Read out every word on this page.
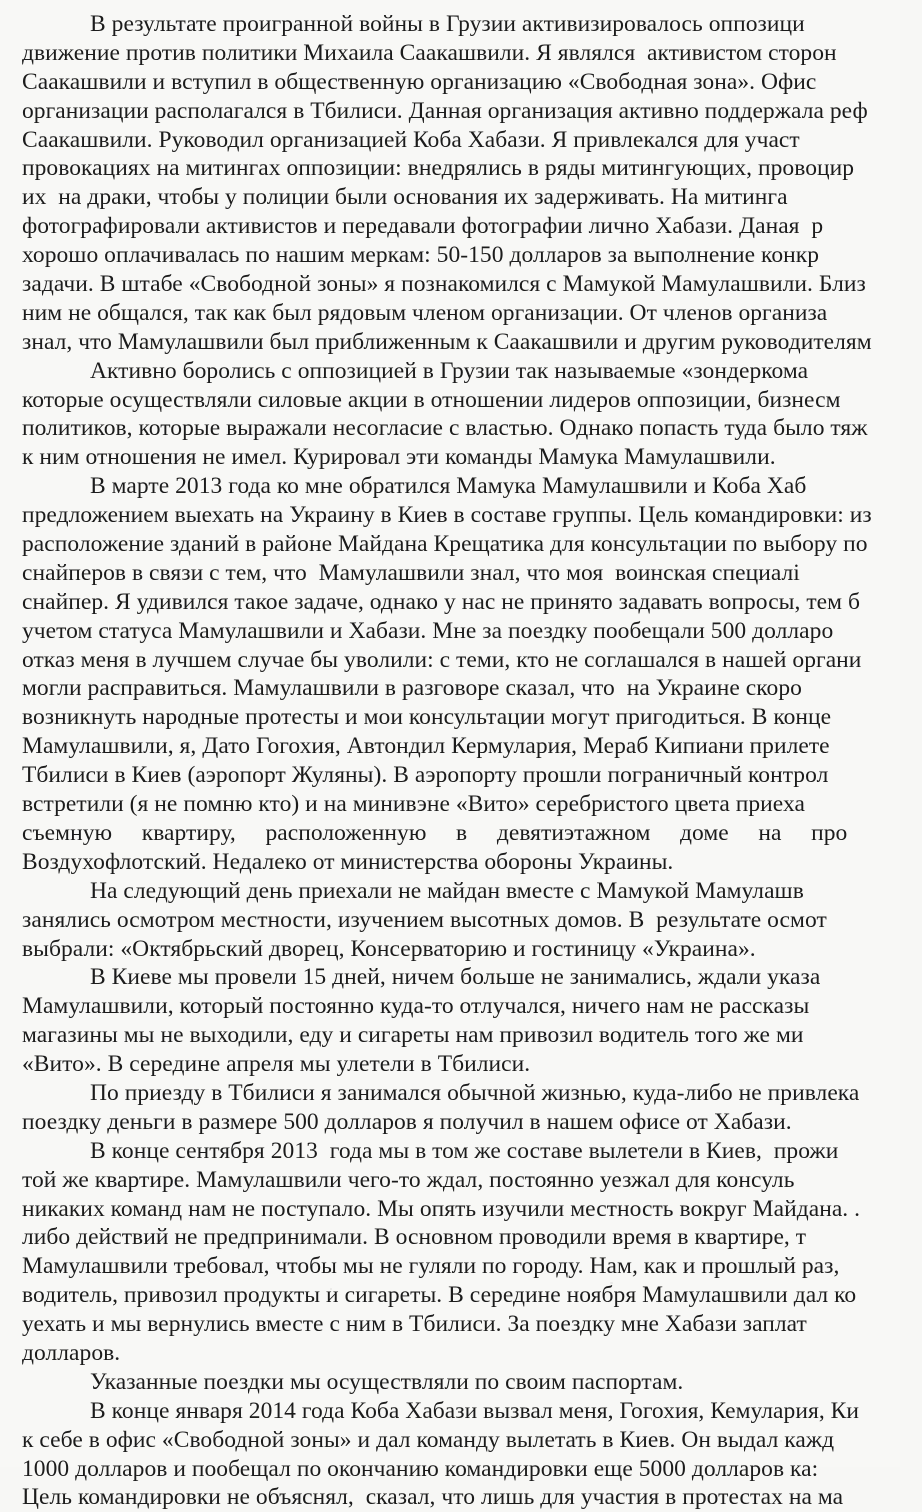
В результате проигранной войны в Грузии активизировалось оппозици
движение против политики Михаила Саакашвили. Я являлся  активистом сторон
Саакашвили и вступил в общественную организацию «Свободная зона». Офис
организации располагался в Тбилиси. Данная организация активно поддержала реф
Саакашвили. Руководил организацией Коба Хабази. Я привлекался для участ
провокациях на митингах оппозиции: внедрялись в ряды митингующих, провоцир
их  на драки, чтобы у полиции были основания их задерживать. На митинга
фотографировали активистов и передавали фотографии лично Хабази. Даная  р
хорошо оплачивалась по нашим меркам: 50-150 долларов за выполнение конкр
задачи. В штабе «Свободной зоны» я познакомился с Мамукой Мамулашвили. Близ
ним не общался, так как был рядовым членом организации. От членов организа
знал, что Мамулашвили был приближенным к Саакашвили и другим руководителям
Активно боролись с оппозицией в Грузии так называемые «зондеркома
которые осуществляли силовые акции в отношении лидеров оппозиции, бизнесм
политиков, которые выражали несогласие с властью. Однако попасть туда было тяж
к ним отношения не имел. Курировал эти команды Мамука Мамулашвили.
В марте 2013 года ко мне обратился Мамука Мамулашвили и Коба Хаб
предложением выехать на Украину в Киев в составе группы. Цель командировки: из
расположение зданий в районе Майдана Крещатика для консультации по выбору по
снайперов в связи с тем, что  Мамулашвили знал, что моя  воинская специалі
снайпер. Я удивился такое задаче, однако у нас не принято задавать вопросы, тем б
учетом статуса Мамулашвили и Хабази. Мне за поездку пообещали 500 долларо
отказ меня в лучшем случае бы уволили: с теми, кто не соглашался в нашей органи
могли расправиться. Мамулашвили в разговоре сказал, что  на Украине скоро
возникнуть народные протесты и мои консультации могут пригодиться. В конце
Мамулашвили, я, Дато Гогохия, Автондил Кермулария, Мераб Кипиани прилете
Тбилиси в Киев (аэропорт Жуляны). В аэропорту прошли пограничный контрол
встретили (я не помню кто) и на минивэне «Вито» серебристого цвета приеха
съемную     квартиру,     расположенную     в     девятиэтажном     доме     на     про
Воздухофлотский. Недалеко от министерства обороны Украины.
На следующий день приехали не майдан вместе с Мамукой Мамулашв
занялись осмотром местности, изучением высотных домов. В  результате осмот
выбрали: «Октябрьский дворец, Консерваторию и гостиницу «Украина».
В Киеве мы провели 15 дней, ничем больше не занимались, ждали указа
Мамулашвили, который постоянно куда-то отлучался, ничего нам не рассказы
магазины мы не выходили, еду и сигареты нам привозил водитель того же ми
«Вито». В середине апреля мы улетели в Тбилиси.
По приезду в Тбилиси я занимался обычной жизнью, куда-либо не привлека
поездку деньги в размере 500 долларов я получил в нашем офисе от Хабази.
В конце сентября 2013  года мы в том же составе вылетели в Киев,  прожи
той же квартире. Мамулашвили чего-то ждал, постоянно уезжал для консуль
никаких команд нам не поступало. Мы опять изучили местность вокруг Майдана. .
либо действий не предпринимали. В основном проводили время в квартире, т
Мамулашвили требовал, чтобы мы не гуляли по городу. Нам, как и прошлый раз,
водитель, привозил продукты и сигареты. В середине ноября Мамулашвили дал ко
уехать и мы вернулись вместе с ним в Тбилиси. За поездку мне Хабази заплат
долларов.
Указанные поездки мы осуществляли по своим паспортам.
В конце января 2014 года Коба Хабази вызвал меня, Гогохия, Кемулария, Ки
к себе в офис «Свободной зоны» и дал команду вылетать в Киев. Он выдал кажд
1000 долларов и пообещал по окончанию командировки еще 5000 долларов ка:
Цель командировки не объяснял,  сказал, что лишь для участия в протестах на ма
